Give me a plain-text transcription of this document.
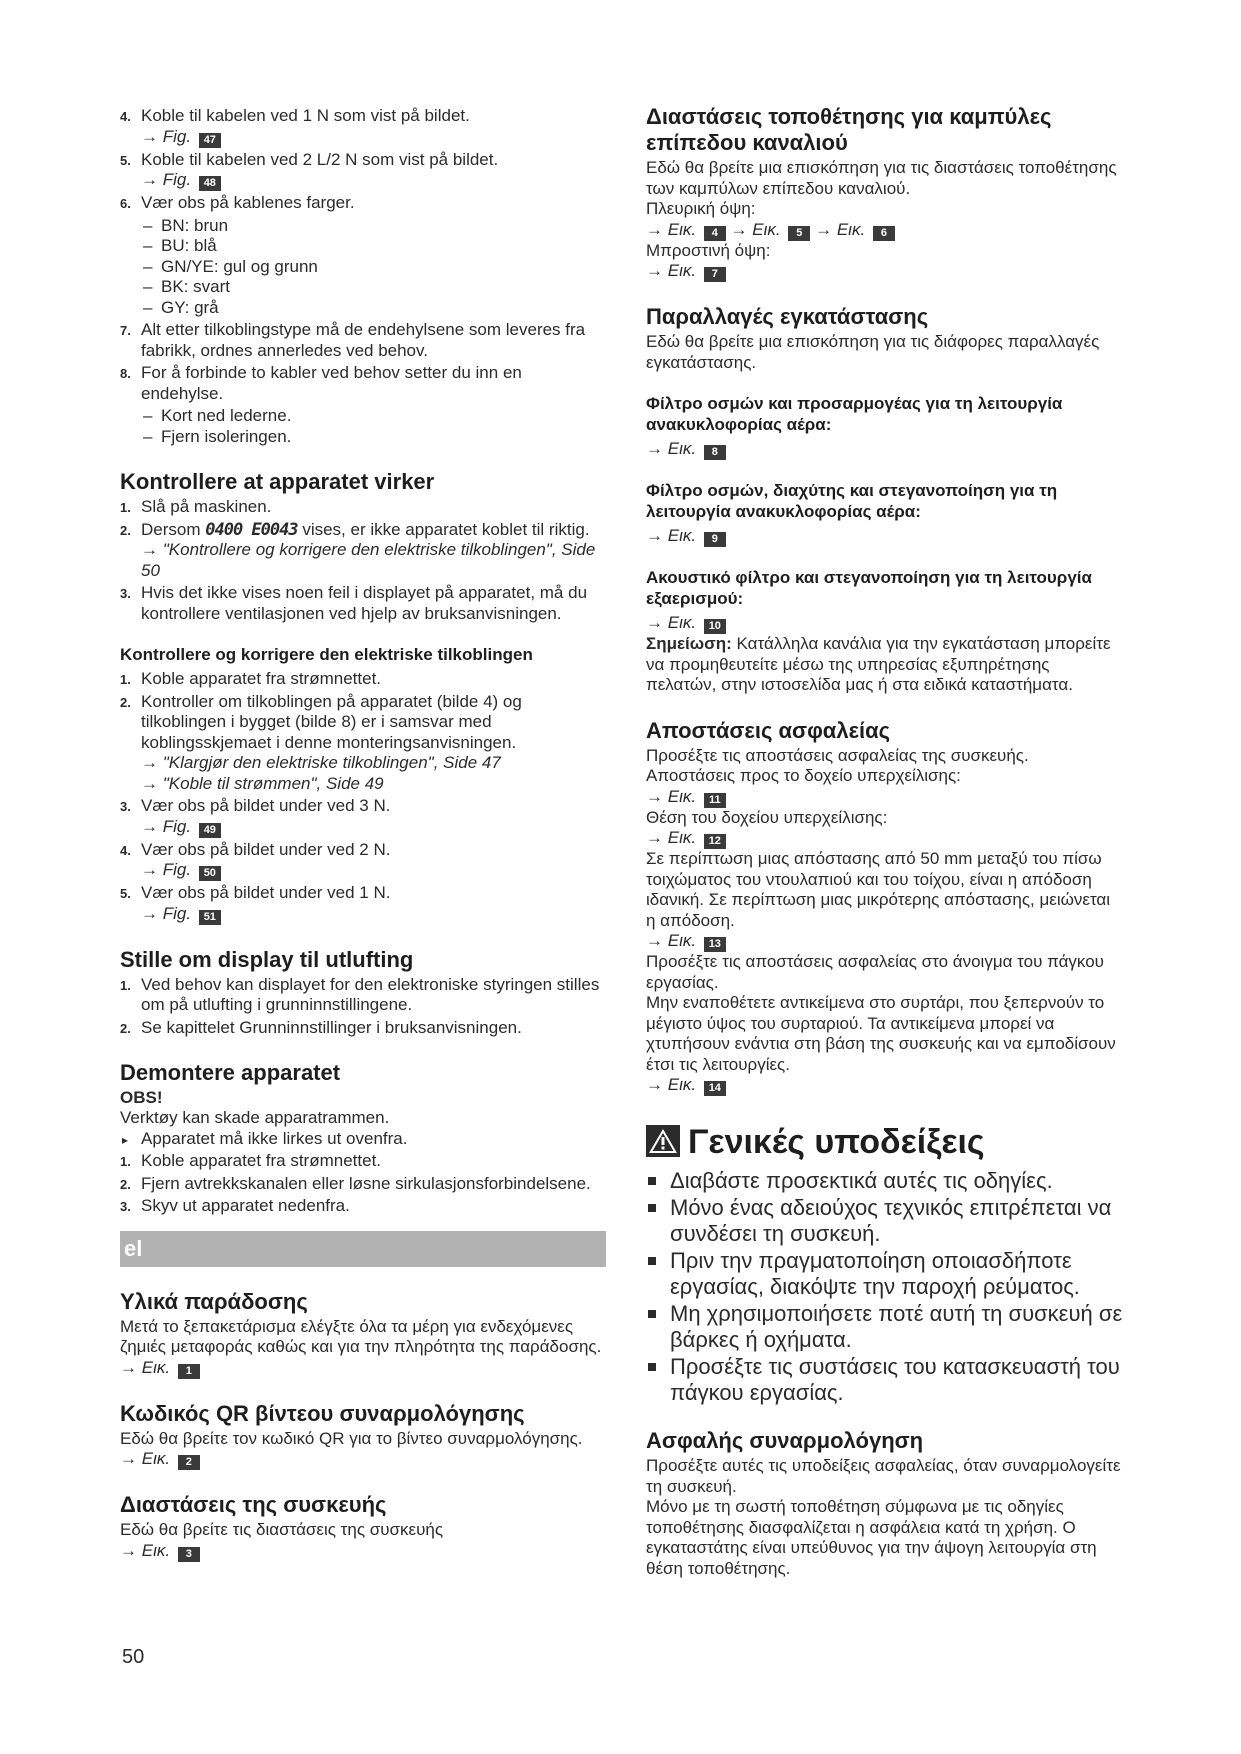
4. Koble til kabelen ved 1 N som vist på bildet.
→ Fig. 47
5. Koble til kabelen ved 2 L/2 N som vist på bildet.
→ Fig. 48
6. Vær obs på kablenes farger.
– BN: brun
– BU: blå
– GN/YE: gul og grunn
– BK: svart
– GY: grå
7. Alt etter tilkoblingstype må de endehylsene som leveres fra fabrikk, ordnes annerledes ved behov.
8. For å forbinde to kabler ved behov setter du inn en endehylse.
– Kort ned lederne.
– Fjern isoleringen.
Kontrollere at apparatet virker
1. Slå på maskinen.
2. Dersom 0400 E0043 vises, er ikke apparatet koblet til riktig. → "Kontrollere og korrigere den elektriske tilkoblingen", Side 50
3. Hvis det ikke vises noen feil i displayet på apparatet, må du kontrollere ventilasjonen ved hjelp av bruksanvisningen.
Kontrollere og korrigere den elektriske tilkoblingen
1. Koble apparatet fra strømnettet.
2. Kontroller om tilkoblingen på apparatet (bilde 4) og tilkoblingen i bygget (bilde 8) er i samsvar med koblingsskjemaet i denne monteringsanvisningen.
→ "Klargjør den elektriske tilkoblingen", Side 47
→ "Koble til strømmen", Side 49
3. Vær obs på bildet under ved 3 N.
→ Fig. 49
4. Vær obs på bildet under ved 2 N.
→ Fig. 50
5. Vær obs på bildet under ved 1 N.
→ Fig. 51
Stille om display til utlufting
1. Ved behov kan displayet for den elektroniske styringen stilles om på utlufting i grunninnstillingene.
2. Se kapittelet Grunninnstillinger i bruksanvisningen.
Demontere apparatet
OBS!
Verktøy kan skade apparatrammen.
▸ Apparatet må ikke lirkes ut ovenfra.
1. Koble apparatet fra strømnettet.
2. Fjern avtrekkskanalen eller løsne sirkulasjonsforbindelsene.
3. Skyv ut apparatet nedenfra.
el
Υλικά παράδοσης
Μετά το ξεπακετάρισμα ελέγξτε όλα τα μέρη για ενδεχόμενες ζημιές μεταφοράς καθώς και για την πληρότητα της παράδοσης.
→ Εικ. 1
Κωδικός QR βίντεου συναρμολόγησης
Εδώ θα βρείτε τον κωδικό QR για το βίντεο συναρμολόγησης.
→ Εικ. 2
Διαστάσεις της συσκευής
Εδώ θα βρείτε τις διαστάσεις της συσκευής
→ Εικ. 3
Διαστάσεις τοποθέτησης για καμπύλες επίπεδου καναλιού
Εδώ θα βρείτε μια επισκόπηση για τις διαστάσεις τοποθέτησης των καμπύλων επίπεδου καναλιού.
Πλευρική όψη:
→ Εικ. 4 → Εικ. 5 → Εικ. 6
Μπροστινή όψη:
→ Εικ. 7
Παραλλαγές εγκατάστασης
Εδώ θα βρείτε μια επισκόπηση για τις διάφορες παραλλαγές εγκατάστασης.
Φίλτρο οσμών και προσαρμογέας για τη λειτουργία ανακυκλοφορίας αέρα:
→ Εικ. 8
Φίλτρο οσμών, διαχύτης και στεγανοποίηση για τη λειτουργία ανακυκλοφορίας αέρα:
→ Εικ. 9
Ακουστικό φίλτρο και στεγανοποίηση για τη λειτουργία εξαερισμού:
→ Εικ. 10
Σημείωση: Κατάλληλα κανάλια για την εγκατάσταση μπορείτε να προμηθευτείτε μέσω της υπηρεσίας εξυπηρέτησης πελατών, στην ιστοσελίδα μας ή στα ειδικά καταστήματα.
Αποστάσεις ασφαλείας
Προσέξτε τις αποστάσεις ασφαλείας της συσκευής.
Αποστάσεις προς το δοχείο υπερχείλισης:
→ Εικ. 11
Θέση του δοχείου υπερχείλισης:
→ Εικ. 12
Σε περίπτωση μιας απόστασης από 50 mm μεταξύ του πίσω τοιχώματος του ντουλαπιού και του τοίχου, είναι η απόδοση ιδανική. Σε περίπτωση μιας μικρότερης απόστασης, μειώνεται η απόδοση.
→ Εικ. 13
Προσέξτε τις αποστάσεις ασφαλείας στο άνοιγμα του πάγκου εργασίας.
Μην εναποθέτετε αντικείμενα στο συρτάρι, που ξεπερνούν το μέγιστο ύψος του συρταριού. Τα αντικείμενα μπορεί να χτυπήσουν ενάντια στη βάση της συσκευής και να εμποδίσουν έτσι τις λειτουργίες.
→ Εικ. 14
Γενικές υποδείξεις
Διαβάστε προσεκτικά αυτές τις οδηγίες.
Μόνο ένας αδειούχος τεχνικός επιτρέπεται να συνδέσει τη συσκευή.
Πριν την πραγματοποίηση οποιασδήποτε εργασίας, διακόψτε την παροχή ρεύματος.
Μη χρησιμοποιήσετε ποτέ αυτή τη συσκευή σε βάρκες ή οχήματα.
Προσέξτε τις συστάσεις του κατασκευαστή του πάγκου εργασίας.
Ασφαλής συναρμολόγηση
Προσέξτε αυτές τις υποδείξεις ασφαλείας, όταν συναρμολογείτε τη συσκευή.
Μόνο με τη σωστή τοποθέτηση σύμφωνα με τις οδηγίες τοποθέτησης διασφαλίζεται η ασφάλεια κατά τη χρήση. Ο εγκαταστάτης είναι υπεύθυνος για την άψογη λειτουργία στη θέση τοποθέτησης.
50
